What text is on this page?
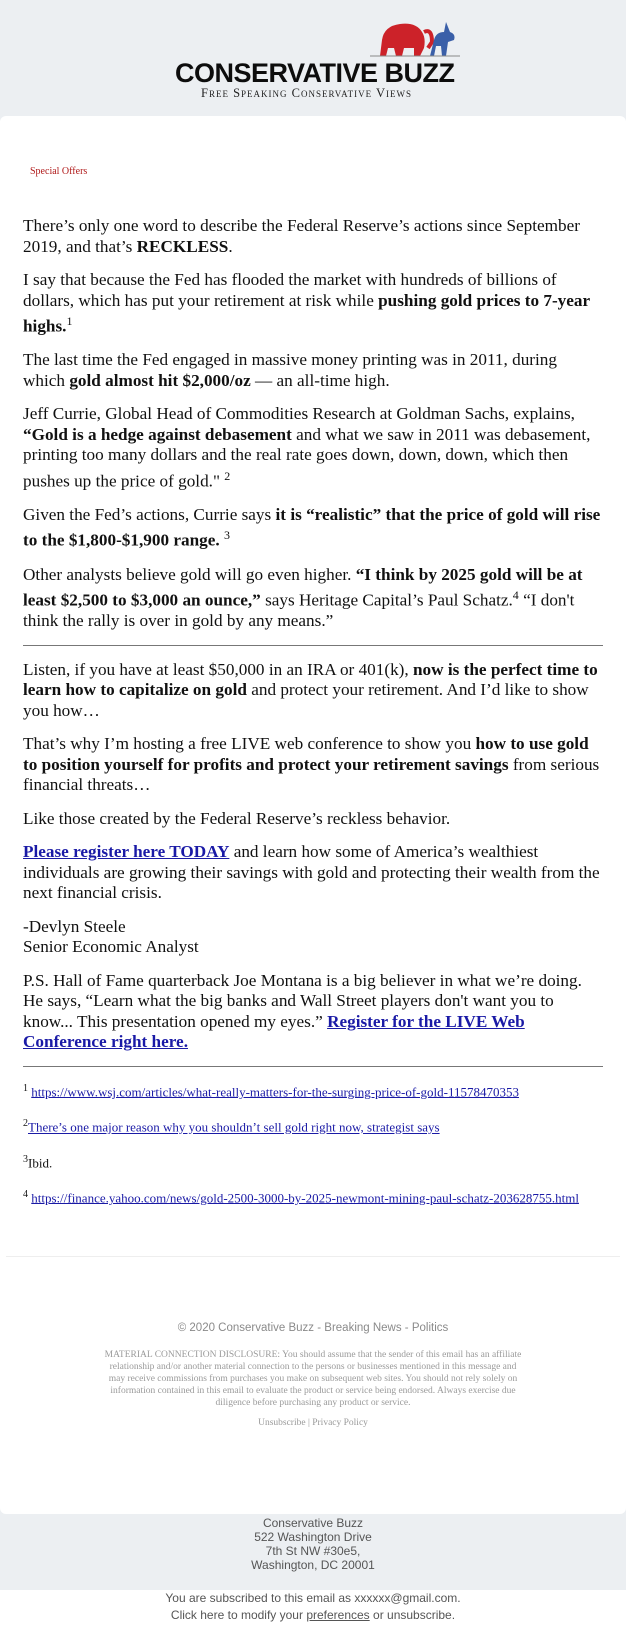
CONSERVATIVE BUZZ
Free Speaking Conservative Views
Special Offers

There’s only one word to describe the Federal Reserve’s actions since September 2019, and that’s RECKLESS.

I say that because the Fed has flooded the market with hundreds of billions of dollars, which has put your retirement at risk while pushing gold prices to 7-year highs.$^1$

The last time the Fed engaged in massive money printing was in 2011, during which gold almost hit $2,000/oz — an all-time high.

Jeff Currie, Global Head of Commodities Research at Goldman Sachs, explains, “Gold is a hedge against debasement and what we saw in 2011 was debasement, printing too many dollars and the real rate goes down, down, down, which then pushes up the price of gold." $^2$

Given the Fed’s actions, Currie says it is “realistic” that the price of gold will rise to the $1,800-$1,900 range. $^3$

Other analysts believe gold will go even higher. “I think by 2025 gold will be at least $2,500 to $3,000 an ounce,” says Heritage Capital’s Paul Schatz.$^4$ “I don't think the rally is over in gold by any means.”

Listen, if you have at least $50,000 in an IRA or 401(k), now is the perfect time to learn how to capitalize on gold and protect your retirement. And I’d like to show you how…

That’s why I’m hosting a free LIVE web conference to show you how to use gold to position yourself for profits and protect your retirement savings from serious financial threats…

Like those created by the Federal Reserve’s reckless behavior.

Please register here TODAY and learn how some of America’s wealthiest individuals are growing their savings with gold and protecting their wealth from the next financial crisis.

-Devlyn Steele
Senior Economic Analyst

P.S. Hall of Fame quarterback Joe Montana is a big believer in what we’re doing. He says, “Learn what the big banks and Wall Street players don't want you to know... This presentation opened my eyes.” Register for the LIVE Web Conference right here.

$^1$ https://www.wsj.com/articles/what-really-matters-for-the-surging-price-of-gold-11578470353

$^2$There’s one major reason why you shouldn’t sell gold right now, strategist says

$^3$Ibid.

$^4$ https://finance.yahoo.com/news/gold-2500-3000-by-2025-newmont-mining-paul-schatz-203628755.html

© 2020 Conservative Buzz - Breaking News - Politics
MATERIAL CONNECTION DISCLOSURE: You should assume that the sender of this email has an affiliate relationship and/or another material connection to the persons or businesses mentioned in this message and may receive commissions from purchases you make on subsequent web sites. You should not rely solely on information contained in this email to evaluate the product or service being endorsed. Always exercise due diligence before purchasing any product or service.
Unsubscribe | Privacy Policy
Conservative Buzz
522 Washington Drive
7th St NW #30e5,
Washington, DC 20001
You are subscribed to this email as xxxxxx@gmail.com.
Click here to modify your preferences or unsubscribe.
